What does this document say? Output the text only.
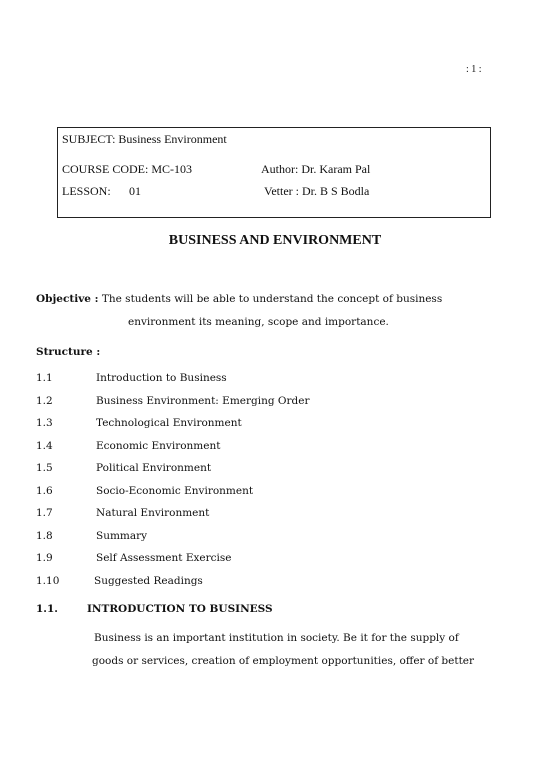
: 1 :
SUBJECT: Business Environment
COURSE CODE: MC-103	Author: Dr. Karam Pal
LESSON: 01	Vetter : Dr. B S Bodla
BUSINESS AND ENVIRONMENT
Objective : The students will be able to understand the concept of business
environment its meaning, scope and importance.
Structure :
1.1	Introduction to Business
1.2	Business Environment: Emerging Order
1.3	Technological Environment
1.4	Economic Environment
1.5	Political Environment
1.6	Socio-Economic Environment
1.7	Natural Environment
1.8	Summary
1.9	Self Assessment Exercise
1.10	Suggested Readings
1.1.	INTRODUCTION TO BUSINESS
Business is an important institution in society. Be it for the supply of
goods or services, creation of employment opportunities, offer of better
